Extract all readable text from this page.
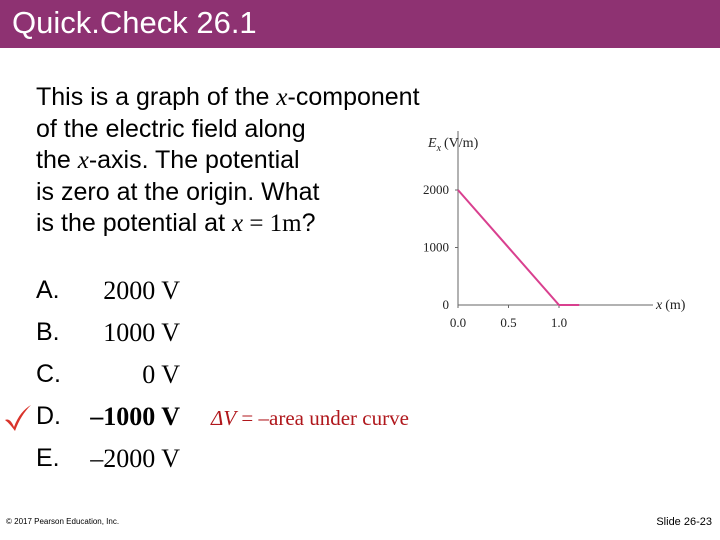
Quick.Check 26.1
This is a graph of the x-component
of the electric field along
the x-axis. The potential
is zero at the origin. What
is the potential at x = 1m?
A. 2000 V
B. 1000 V
C.	0 V
D. –1000 V
E. –2000 V
ΔV = –area under curve
0
1000
2000
0.0	0.5	1.0
$E_x$ (V/m)
x (m)
© 2017 Pearson Education, Inc.	Slide 26-23
